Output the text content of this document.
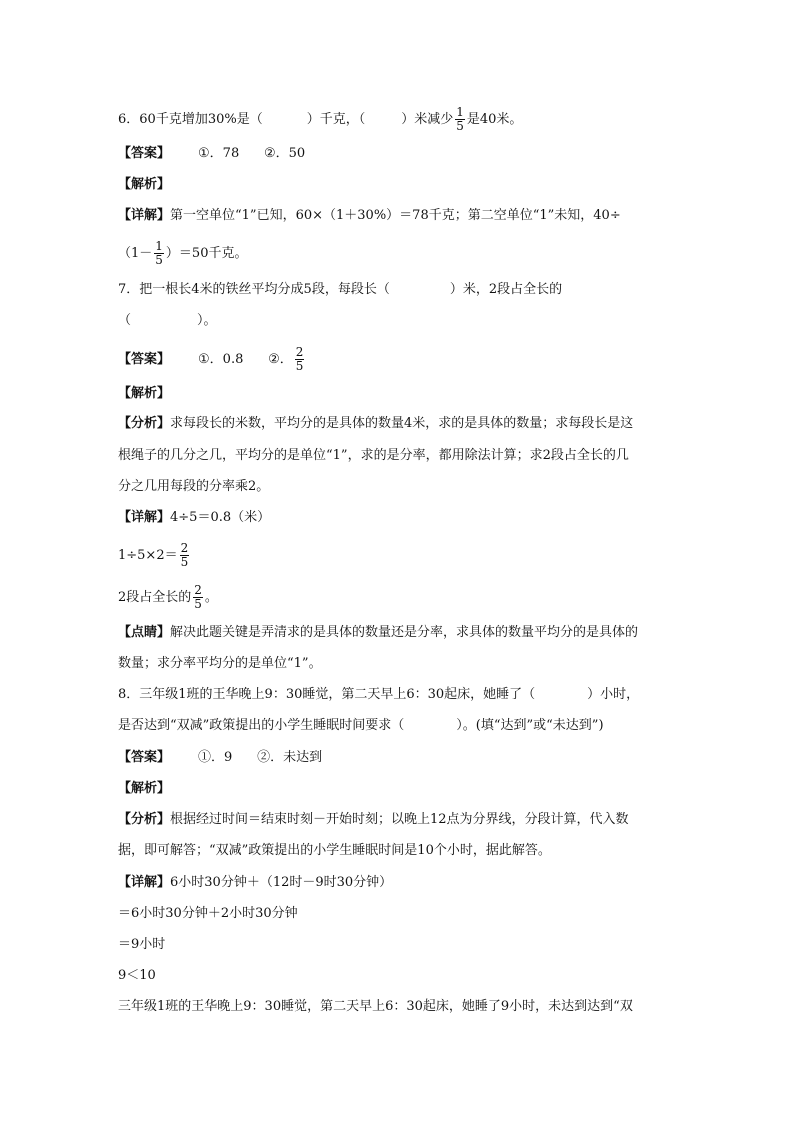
6．60千克增加30%是（	）千克，（	）米减少 $\frac{1}{5}$ 是40米。
【答案】 ①．78      ②．50
【解析】
【详解】第一空单位“1”已知，60×（1＋30%）＝78千克；第二空单位“1”未知，40÷
$(1- \frac{1}{5} )=50$千克。
7．把一根长4米的铁丝平均分成5段，每段长（	）米，2段占全长的
（	）。
【答案】 ①．0.8      ②． $\frac{2}{5}$
【解析】
【分析】求每段长的米数，平均分的是具体的数量4米，求的是具体的数量；求每段长是这
根绳子的几分之几，平均分的是单位“1”，求的是分率，都用除法计算；求2段占全长的几
分之几用每段的分率乘2。
【详解】4÷5＝0.8（米）
$1\div 5\times 2= \frac{2}{5}$
2段占全长的 $\frac{2}{5}$ 。
【点睛】解决此题关键是弄清求的是具体的数量还是分率，求具体的数量平均分的是具体的
数量；求分率平均分的是单位“1”。
8．三年级1班的王华晚上9：30睡觉，第二天早上6：30起床，她睡了（	）小时，
是否达到“双减”政策提出的小学生睡眠时间要求（	）。(填“达到”或“未达到”)
【答案】 ①．9      ②．未达到
【解析】
【分析】根据经过时间＝结束时刻－开始时刻；以晚上12点为分界线，分段计算，代入数
据，即可解答；“双减”政策提出的小学生睡眠时间是10个小时，据此解答。
【详解】6小时30分钟＋（12时－9时30分钟）
＝6小时30分钟＋2小时30分钟
＝9小时
9＜10
三年级1班的王华晚上9：30睡觉，第二天早上6：30起床，她睡了9小时，未达到达到“双
